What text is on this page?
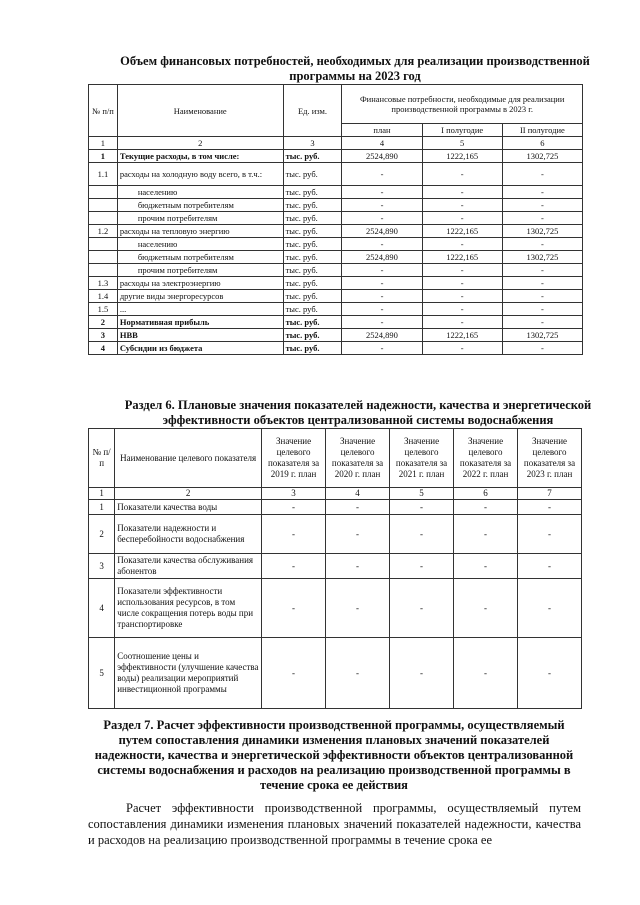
Объем финансовых потребностей, необходимых для реализации производственной программы на 2023 год
№ п/п	Наименование	Ед. изм.	Финансовые потребности, необходимые для реализации производственной программы в 2023 г.		
			план	I полугодие	II полугодие
1	2	3	4	5	6
1	Текущие расходы, в том числе:	тыс. руб.	2524,890	1222,165	1302,725
1.1	расходы на холодную воду всего, в т.ч.:	тыс. руб.	-	-	-
	населению	тыс. руб.	-	-	-
	бюджетным потребителям	тыс. руб.	-	-	-
	прочим потребителям	тыс. руб.	-	-	-
1.2	расходы на тепловую энергию	тыс. руб.	2524,890	1222,165	1302,725
	населению	тыс. руб.	-	-	-
	бюджетным потребителям	тыс. руб.	2524,890	1222,165	1302,725
	прочим потребителям	тыс. руб.	-	-	-
1.3	расходы на электроэнергию	тыс. руб.	-	-	-
1.4	другие виды энергоресурсов	тыс. руб.	-	-	-
1.5	...	тыс. руб.	-	-	-
2	Нормативная прибыль	тыс. руб.	-	-	-
3	НВВ	тыс. руб.	2524,890	1222,165	1302,725
4	Субсидии из бюджета	тыс. руб.	-	-	-
Раздел 6. Плановые значения показателей надежности, качества и энергетической эффективности объектов централизованной системы водоснабжения
№ п/ п	Наименование целевого показателя	Значение целевого показателя за 2019 г. план	Значение целевого показателя за 2020 г. план	Значение целевого показателя за 2021 г. план	Значение целевого показателя за 2022 г. план	Значение целевого показателя за 2023 г. план
1	2	3	4	5	6	7
1	Показатели качества воды	-	-	-	-	-
2	Показатели надежности и бесперебойности водоснабжения	-	-	-	-	-
3	Показатели качества обслуживания абонентов	-	-	-	-	-
4	Показатели эффективности использования ресурсов, в том числе сокращения потерь воды при транспортировке	-	-	-	-	-
5	Соотношение цены и эффективности (улучшение качества воды) реализации мероприятий инвестиционной программы	-	-	-	-	-
Раздел 7. Расчет эффективности производственной программы, осуществляемый путем сопоставления динамики изменения плановых значений показателей надежности, качества и энергетической эффективности объектов централизованной системы водоснабжения и расходов на реализацию производственной программы в течение срока ее действия
Расчет эффективности производственной программы, осуществляемый путем сопоставления динамики изменения плановых значений показателей надежности, качества и расходов на реализацию производственной программы в течение срока ее
